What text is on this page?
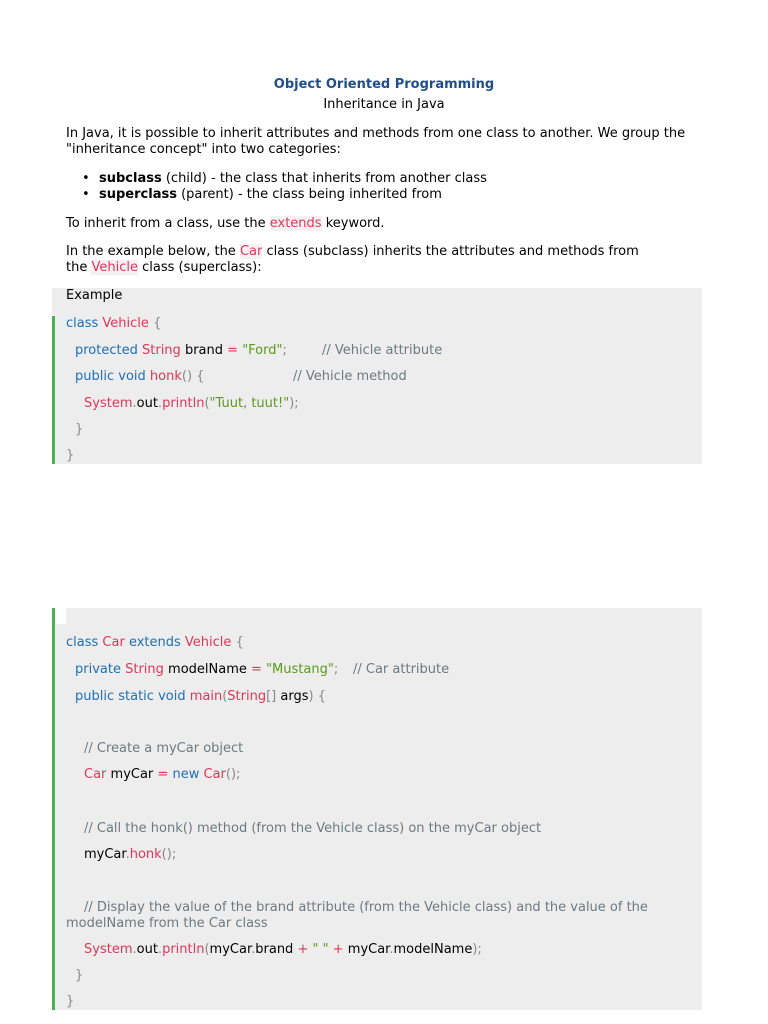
Object Oriented Programming
Inheritance in Java
In Java, it is possible to inherit attributes and methods from one class to another. We group the
"inheritance concept" into two categories:
• subclass (child) - the class that inherits from another class
• superclass (parent) - the class being inherited from
To inherit from a class, use the extends keyword.
In the example below, the Car class (subclass) inherits the attributes and methods from
the Vehicle class (superclass):
Example
class Vehicle {
protected String brand = "Ford";	// Vehicle attribute
public void honk() {	// Vehicle method
System.out.println("Tuut, tuut!");
}
}
class Car extends Vehicle {
private String modelName = "Mustang"; // Car attribute
public static void main(String[] args) {
// Create a myCar object
Car myCar = new Car();
// Call the honk() method (from the Vehicle class) on the myCar object
myCar.honk();
// Display the value of the brand attribute (from the Vehicle class) and the value of the
modelName from the Car class
System.out.println(myCar.brand + " " + myCar.modelName);
}
}
